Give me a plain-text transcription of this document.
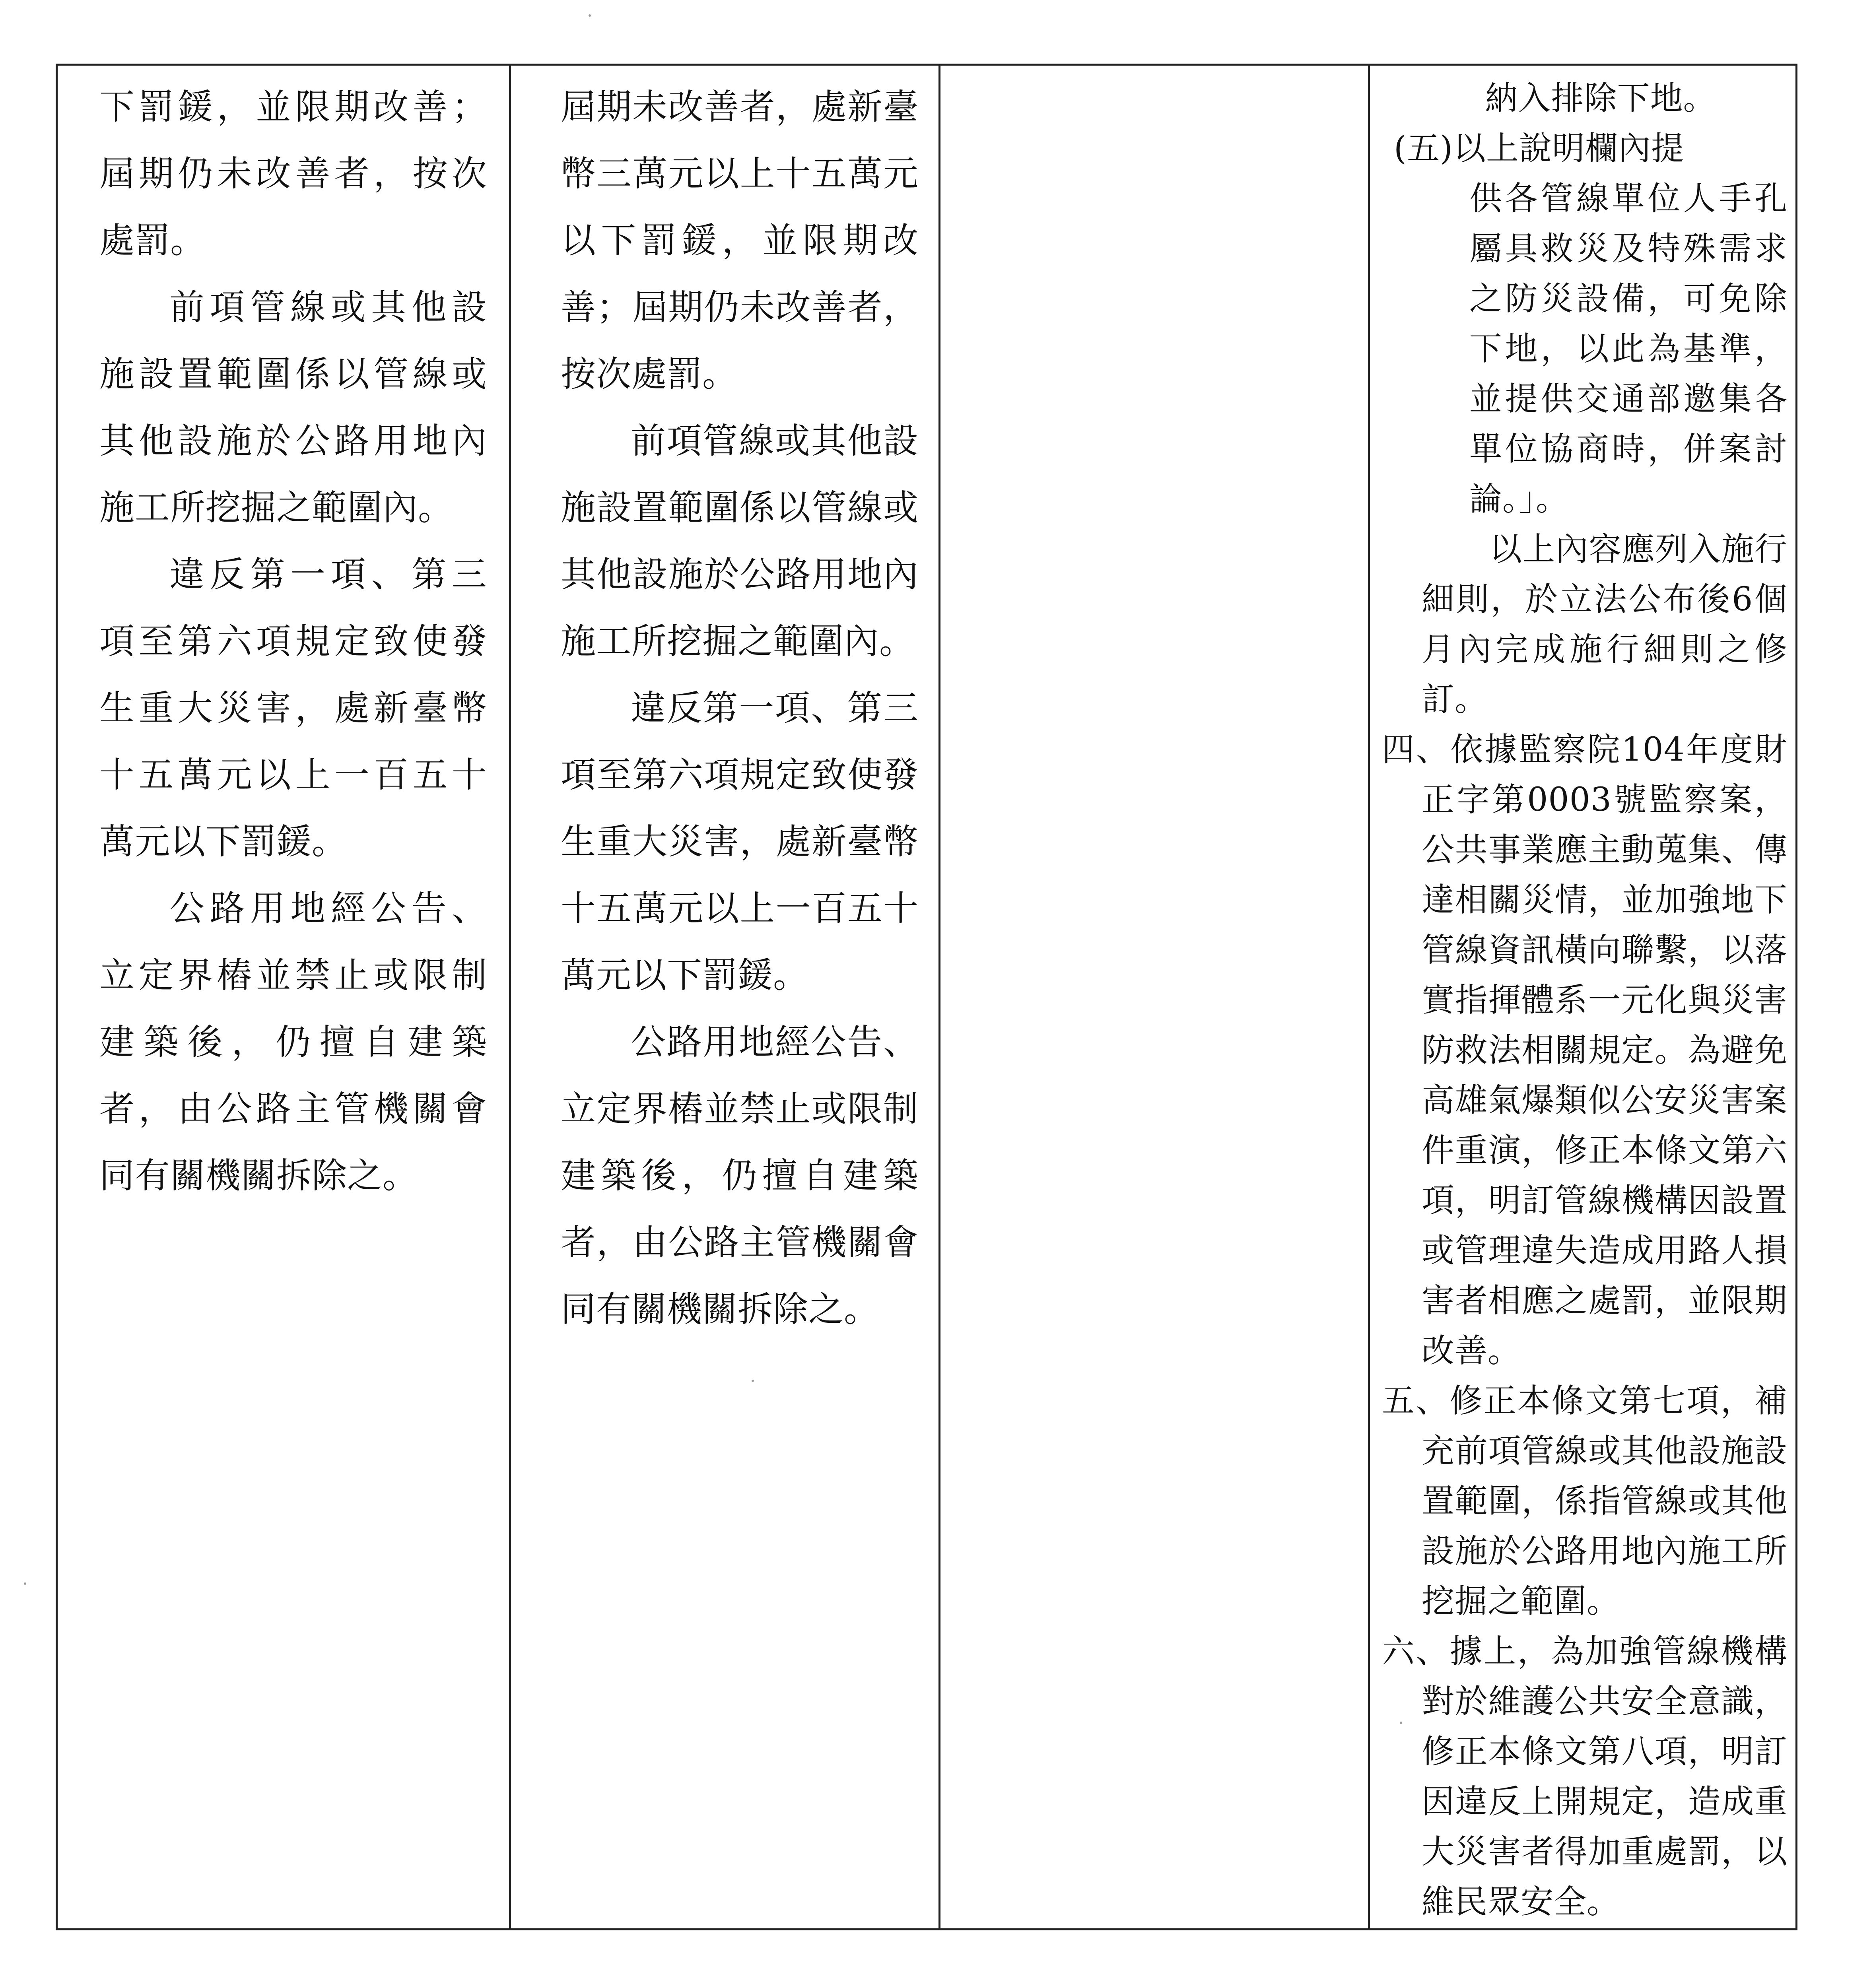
下罰鍰，並限期改善；屆期仍未改善者，按次處罰。

前項管線或其他設施設置範圍係以管線或其他設施於公路用地內施工所挖掘之範圍內。

違反第一項、第三項至第六項規定致使發生重大災害，處新臺幣十五萬元以上一百五十萬元以下罰鍰。

公路用地經公告、立定界樁並禁止或限制建築後，仍擅自建築者，由公路主管機關會同有關機關拆除之。

屆期未改善者，處新臺幣三萬元以上十五萬元以下罰鍰，並限期改善；屆期仍未改善者，按次處罰。

前項管線或其他設施設置範圍係以管線或其他設施於公路用地內施工所挖掘之範圍內。

違反第一項、第三項至第六項規定致使發生重大災害，處新臺幣十五萬元以上一百五十萬元以下罰鍰。

公路用地經公告、立定界樁並禁止或限制建築後，仍擅自建築者，由公路主管機關會同有關機關拆除之。

納入排除下地。

(五)以上說明欄內提

供各管線單位人手孔屬具救災及特殊需求之防災設備，可免除下地，以此為基準，並提供交通部邀集各單位協商時，併案討論。」。

以上內容應列入施行細則，於立法公布後6個月內完成施行細則之修訂。

四、依據監察院104年度財正字第0003號監察案，公共事業應主動蒐集、傳達相關災情，並加強地下管線資訊橫向聯繫，以落實指揮體系一元化與災害防救法相關規定。為避免高雄氣爆類似公安災害案件重演，修正本條文第六項，明訂管線機構因設置或管理違失造成用路人損害者相應之處罰，並限期改善。

五、修正本條文第七項，補充前項管線或其他設施設置範圍，係指管線或其他設施於公路用地內施工所挖掘之範圍。

六、據上，為加強管線機構對於維護公共安全意識，修正本條文第八項，明訂因違反上開規定，造成重大災害者得加重處罰，以維民眾安全。
